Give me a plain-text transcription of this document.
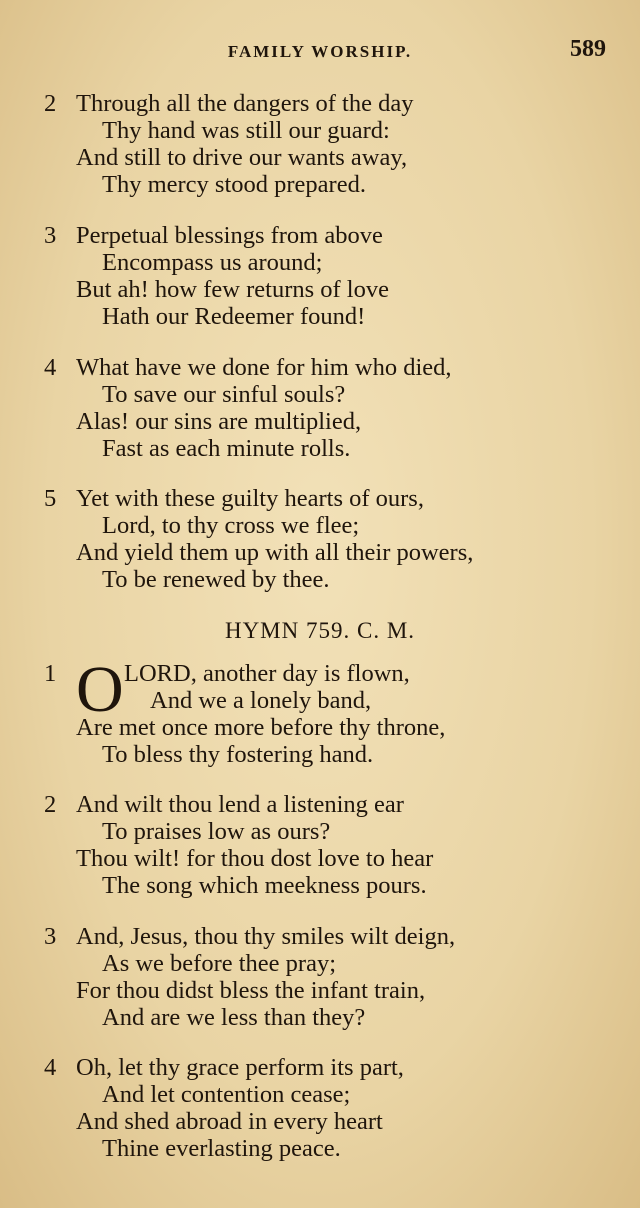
FAMILY WORSHIP.	589
2 Through all the dangers of the day
Thy hand was still our guard:
And still to drive our wants away,
Thy mercy stood prepared.
3 Perpetual blessings from above
Encompass us around;
But ah! how few returns of love
Hath our Redeemer found!
4 What have we done for him who died,
To save our sinful souls?
Alas! our sins are multiplied,
Fast as each minute rolls.
5 Yet with these guilty hearts of ours,
Lord, to thy cross we flee;
And yield them up with all their powers,
To be renewed by thee.
HYMN 759. C. M.
1 O LORD, another day is flown,
And we a lonely band,
Are met once more before thy throne,
To bless thy fostering hand.
2 And wilt thou lend a listening ear
To praises low as ours?
Thou wilt! for thou dost love to hear
The song which meekness pours.
3 And, Jesus, thou thy smiles wilt deign,
As we before thee pray;
For thou didst bless the infant train,
And are we less than they?
4 Oh, let thy grace perform its part,
And let contention cease;
And shed abroad in every heart
Thine everlasting peace.
